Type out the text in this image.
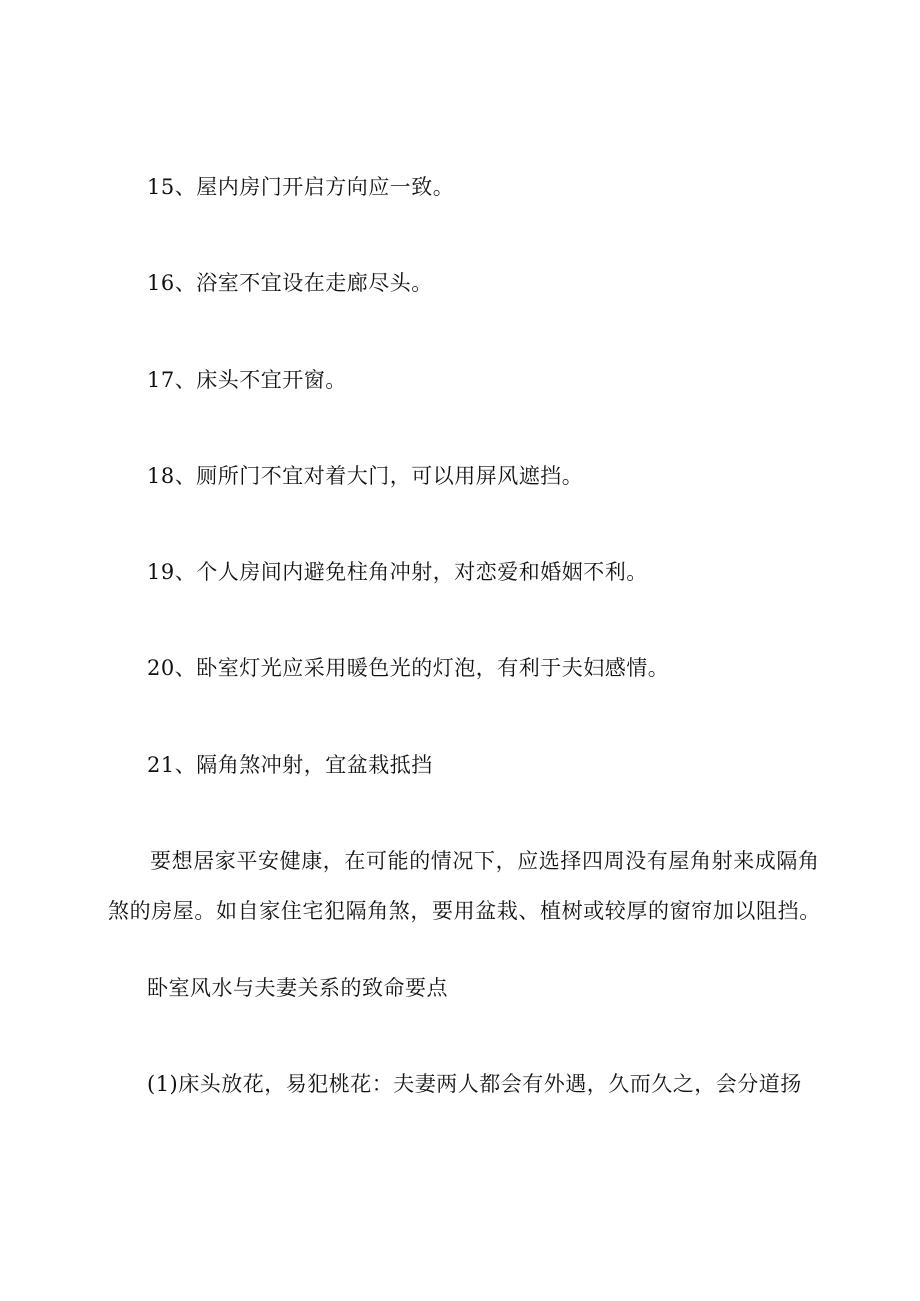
15、屋内房门开启方向应一致。
16、浴室不宜设在走廊尽头。
17、床头不宜开窗。
18、厕所门不宜对着大门，可以用屏风遮挡。
19、个人房间内避免柱角冲射，对恋爱和婚姻不利。
20、卧室灯光应采用暖色光的灯泡，有利于夫妇感情。
21、隔角煞冲射，宜盆栽抵挡
要想居家平安健康，在可能的情况下，应选择四周没有屋角射来成隔角煞的房屋。如自家住宅犯隔角煞，要用盆栽、植树或较厚的窗帘加以阻挡。
卧室风水与夫妻关系的致命要点
(1)床头放花，易犯桃花：夫妻两人都会有外遇，久而久之，会分道扬
